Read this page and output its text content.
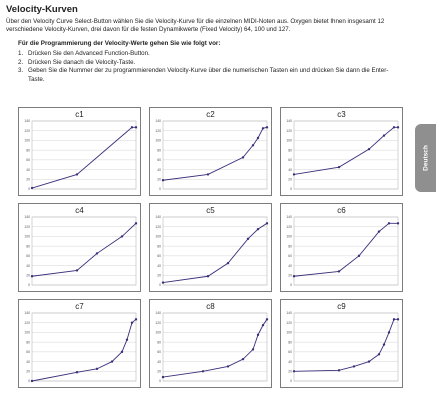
Velocity-Kurven
Über den Velocity Curve Select-Button wählen Sie die Velocity-Kurve für die einzelnen MIDI-Noten aus. Oxygen bietet Ihnen insgesamt 12 verschiedene Velocity-Kurven, drei davon für die festen Dynamikwerte (Fixed Velocity) 64, 100 und 127.
Für die Programmierung der Velocity-Werte gehen Sie wie folgt vor:
1. Drücken Sie den Advanced Function-Button.
2. Drücken Sie danach die Velocity-Taste.
3. Geben Sie die Nummer der zu programmierenden Velocity-Kurve über die numerischen Tasten ein und drücken Sie dann die Enter-Taste.
Deutsch
c1
0
20
40
60
80
100
120
140
c2
0
20
40
60
80
100
120
140
c3
0
20
40
60
80
100
120
140
c4
0
20
40
60
80
100
120
140
c5
0
20
40
60
80
100
120
140
c6
0
20
40
60
80
100
120
140
c7
0
20
40
60
80
100
120
140
c8
0
20
40
60
80
100
120
140
c9
0
20
40
60
80
100
120
140
